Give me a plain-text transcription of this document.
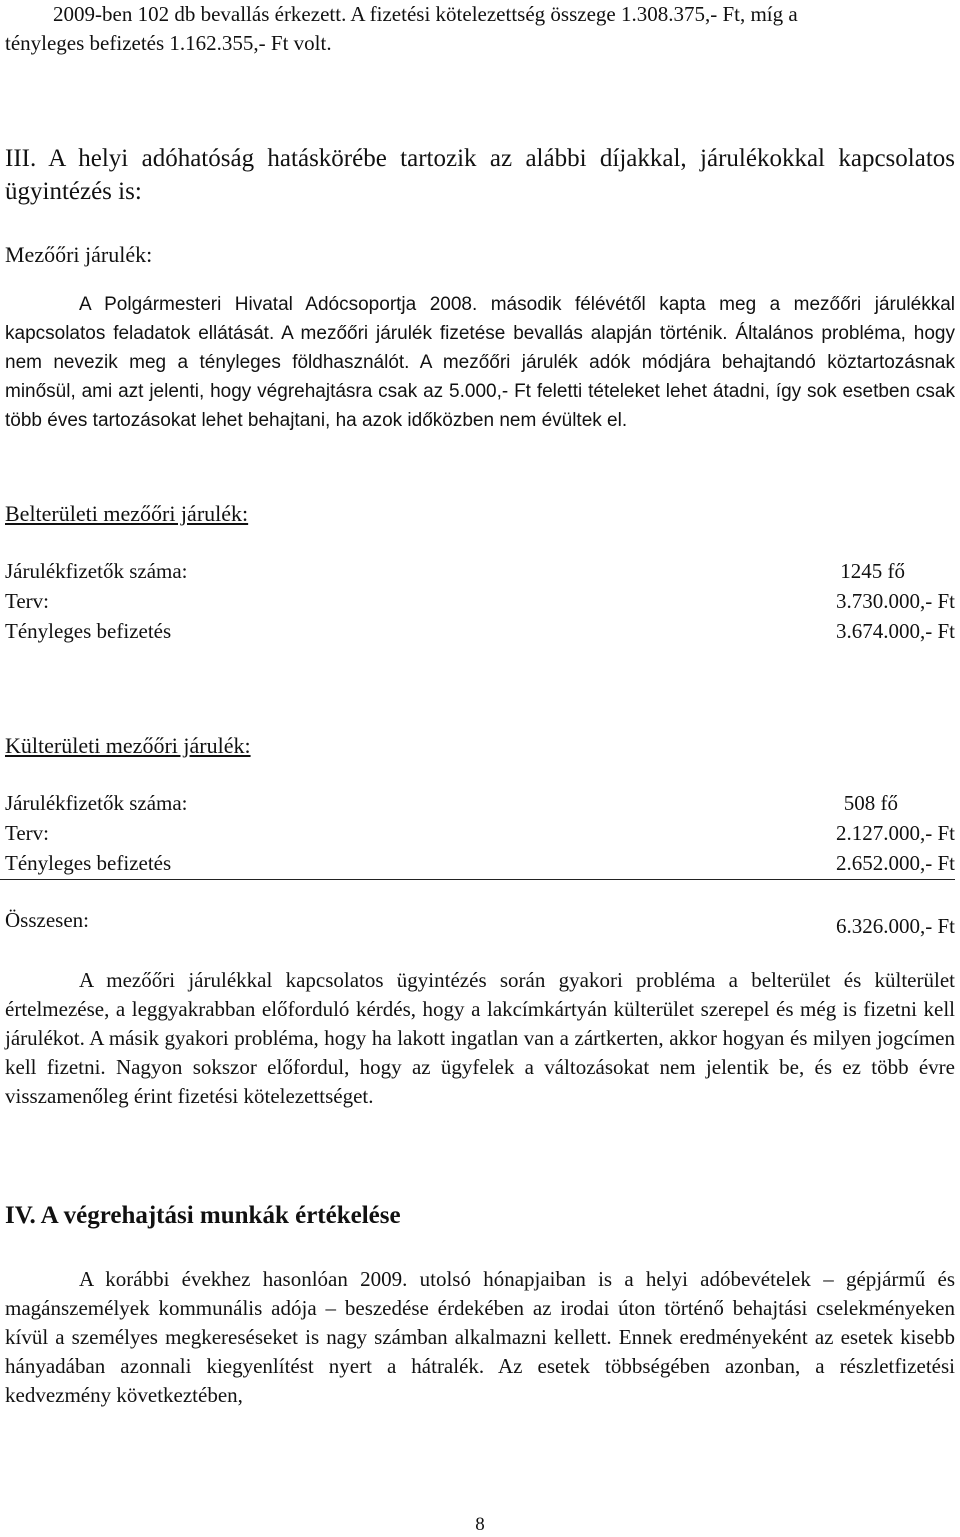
2009-ben 102 db bevallás érkezett. A fizetési kötelezettség összege 1.308.375,- Ft, míg a

tényleges befizetés 1.162.355,- Ft volt.

III. A helyi adóhatóság hatáskörébe tartozik az alábbi díjakkal, járulékokkal kapcsolatos ügyintézés is:

Mezőőri járulék:

A Polgármesteri Hivatal Adócsoportja 2008. második félévétől kapta meg a mezőőri járulékkal kapcsolatos feladatok ellátását. A mezőőri járulék fizetése bevallás alapján történik. Általános probléma, hogy nem nevezik meg a tényleges földhasználót. A mezőőri járulék adók módjára behajtandó köztartozásnak minősül, ami azt jelenti, hogy végrehajtásra csak az 5.000,- Ft feletti tételeket lehet átadni, így sok esetben csak több éves tartozásokat lehet behajtani, ha azok időközben nem évültek el.

Belterületi mezőőri járulék:

Járulékfizetők száma:	1245 fő
Terv:	3.730.000,- Ft
Tényleges befizetés	3.674.000,- Ft

Külterületi mezőőri járulék:

Járulékfizetők száma:	508 fő
Terv:	2.127.000,- Ft
Tényleges befizetés	2.652.000,- Ft
Összesen:	6.326.000,- Ft

A mezőőri járulékkal kapcsolatos ügyintézés során gyakori probléma a belterület és külterület értelmezése, a leggyakrabban előforduló kérdés, hogy a lakcímkártyán külterület szerepel és még is fizetni kell járulékot. A másik gyakori probléma, hogy ha lakott ingatlan van a zártkerten, akkor hogyan és milyen jogcímen kell fizetni. Nagyon sokszor előfordul, hogy az ügyfelek a változásokat nem jelentik be, és ez több évre visszamenőleg érint fizetési kötelezettséget.

IV. A végrehajtási munkák értékelése

A korábbi évekhez hasonlóan 2009. utolsó hónapjaiban is a helyi adóbevételek – gépjármű és magánszemélyek kommunális adója – beszedése érdekében az irodai úton történő behajtási cselekményeken kívül a személyes megkereséseket is nagy számban alkalmazni kellett. Ennek eredményeként az esetek kisebb hányadában azonnali kiegyenlítést nyert a hátralék. Az esetek többségében azonban, a részletfizetési kedvezmény következtében,

8
